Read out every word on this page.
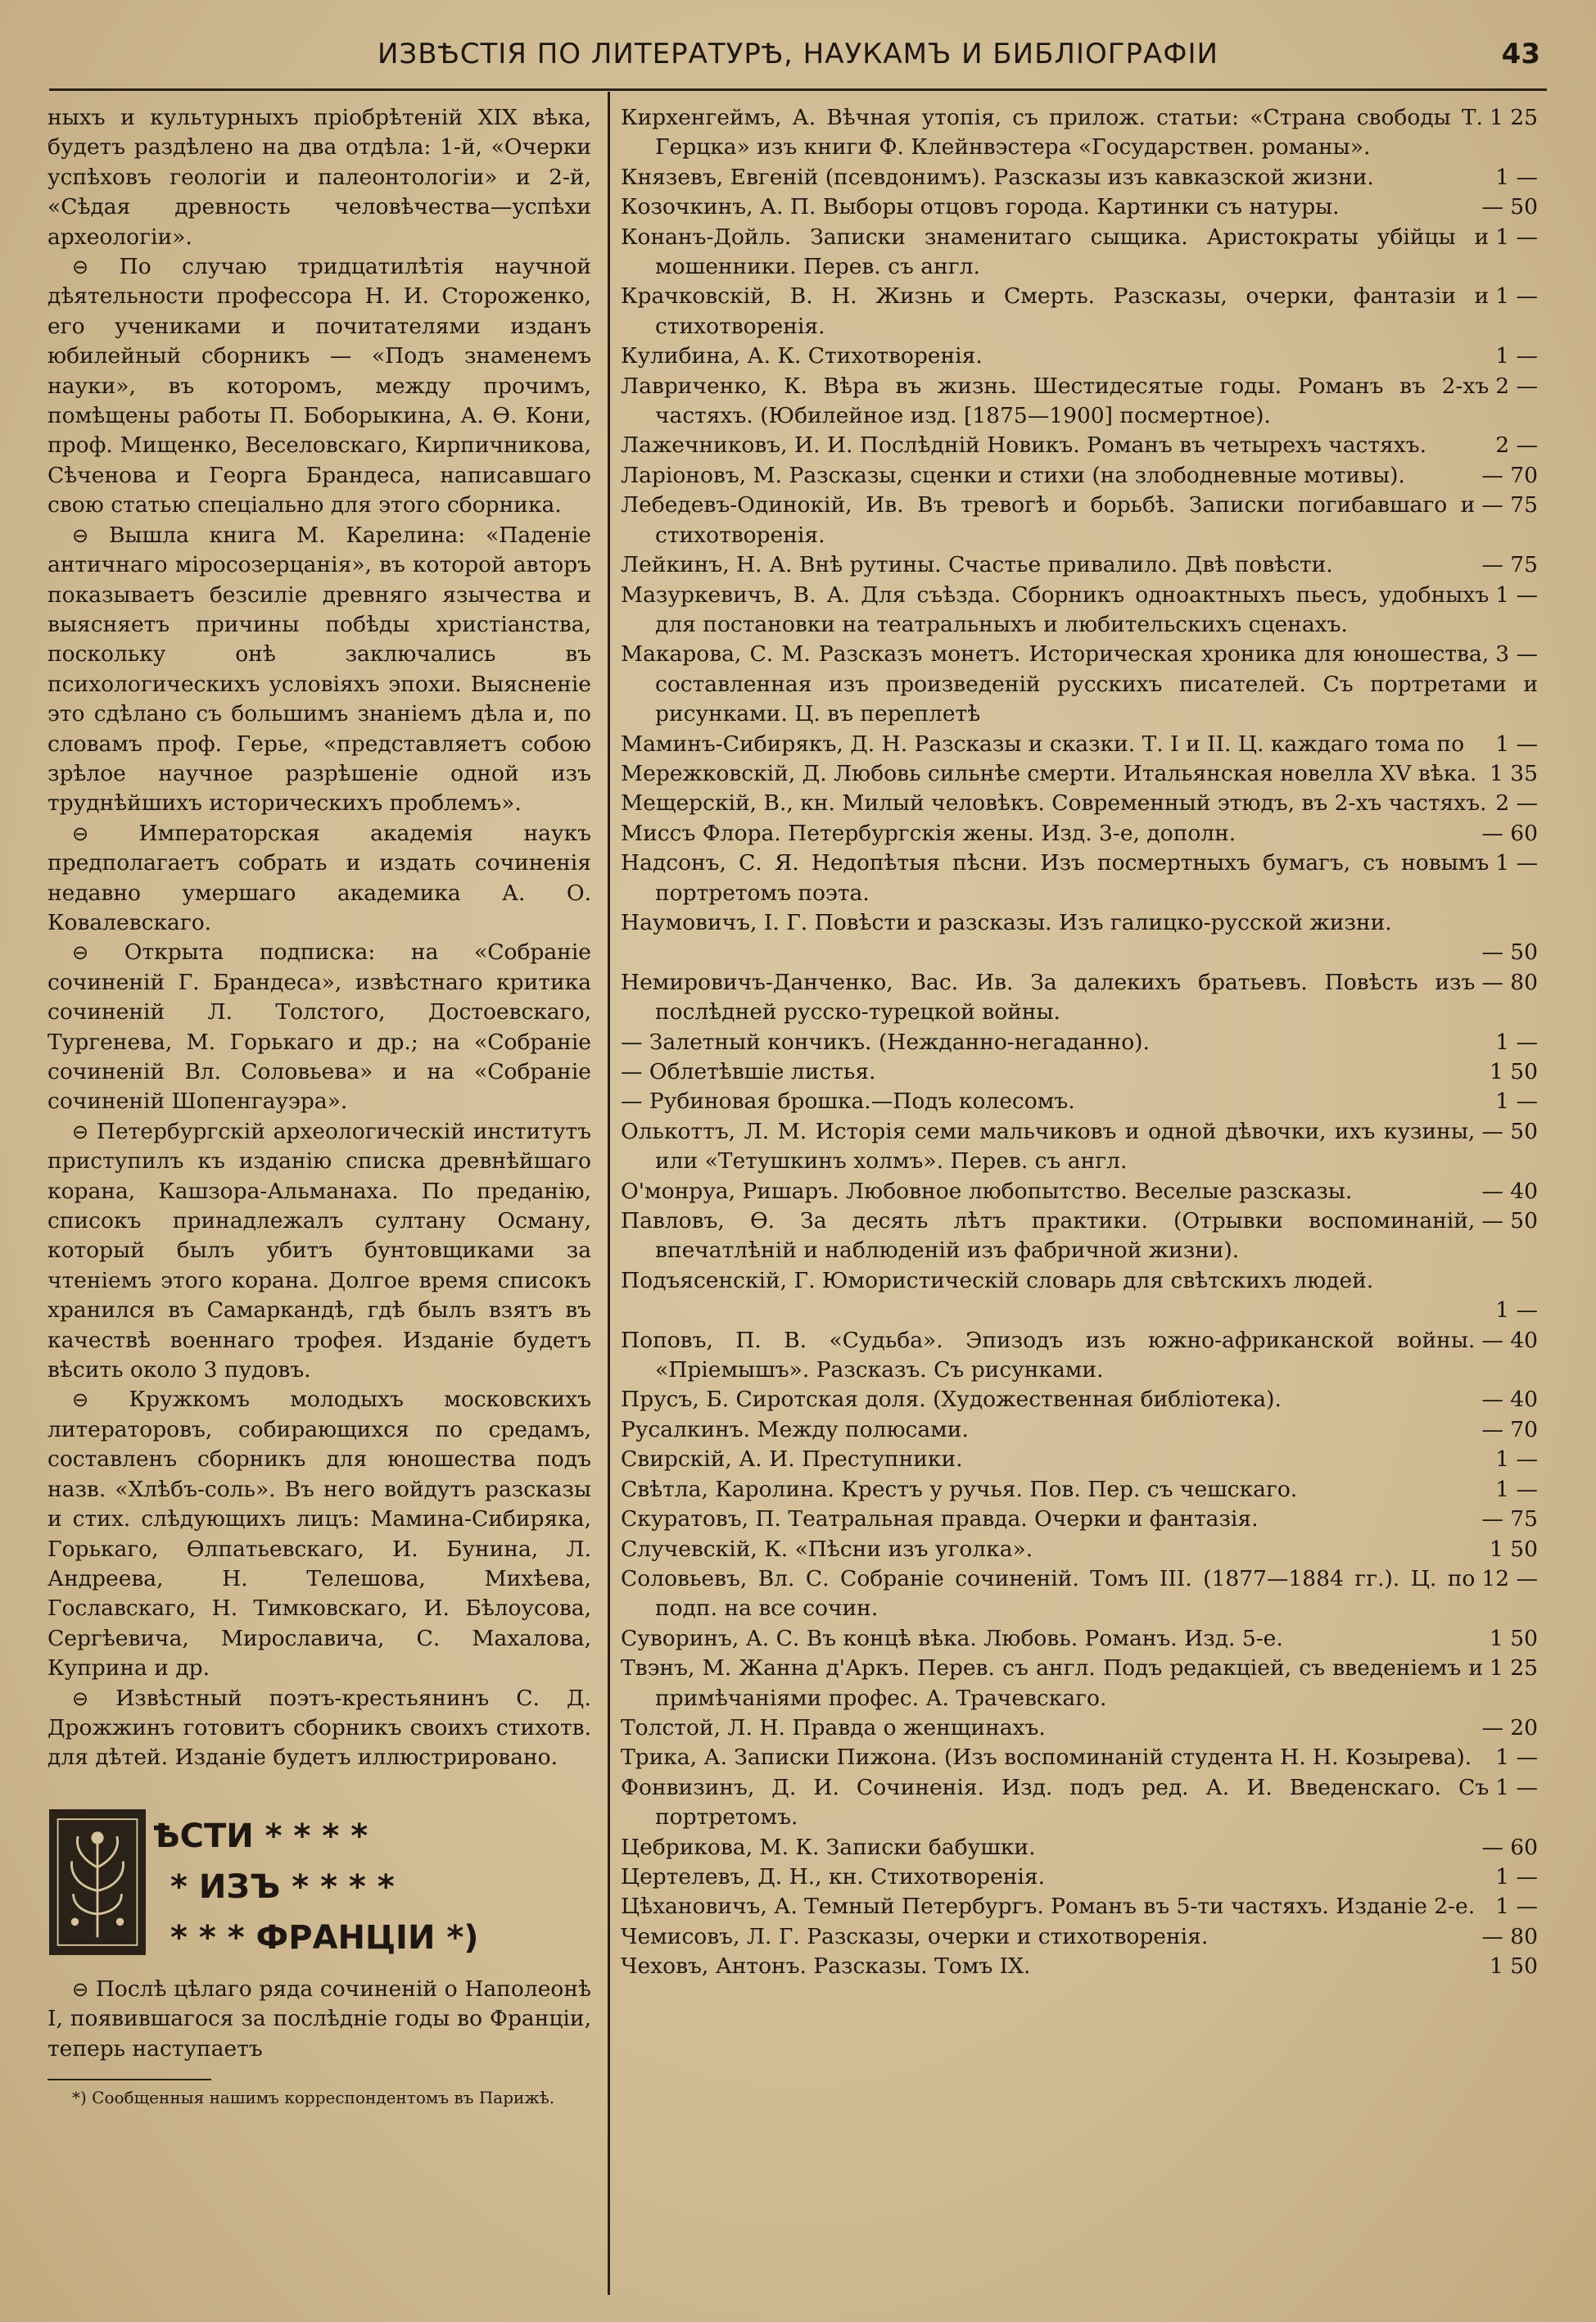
ИЗВѢСТІЯ ПО ЛИТЕРАТУРѢ, НАУКАМЪ И БИБЛІОГРАФІИ	43

ныхъ и культурныхъ пріобрѣтеній XIX вѣка, будетъ раздѣлено на два отдѣла: 1-й, «Очерки успѣховъ геологіи и палеонтологіи» и 2-й, «Сѣдая древность человѣчества—успѣхи археологіи».

⊖ По случаю тридцатилѣтія научной дѣятельности профессора Н. И. Стороженко, его учениками и почитателями изданъ юбилейный сборникъ — «Подъ знаменемъ науки», въ которомъ, между прочимъ, помѣщены работы П. Боборыкина, А. Ѳ. Кони, проф. Мищенко, Веселовскаго, Кирпичникова, Сѣченова и Георга Брандеса, написавшаго свою статью спеціально для этого сборника.

⊖ Вышла книга М. Карелина: «Паденіе античнаго міросозерцанія», въ которой авторъ показываетъ безсиліе древняго язычества и выясняетъ причины побѣды христіанства, поскольку онѣ заключались въ психологическихъ условіяхъ эпохи. Выясненіе это сдѣлано съ большимъ знаніемъ дѣла и, по словамъ проф. Герье, «представляетъ собою зрѣлое научное разрѣшеніе одной изъ труднѣйшихъ историческихъ проблемъ».

⊖ Императорская академія наукъ предполагаетъ собрать и издать сочиненія недавно умершаго академика А. О. Ковалевскаго.

⊖ Открыта подписка: на «Собраніе сочиненій Г. Брандеса», извѣстнаго критика сочиненій Л. Толстого, Достоевскаго, Тургенева, М. Горькаго и др.; на «Собраніе сочиненій Вл. Соловьева» и на «Собраніе сочиненій Шопенгауэра».

⊖ Петербургскій археологическій институтъ приступилъ къ изданію списка древнѣйшаго корана, Кашзора-Альманаха. По преданію, списокъ принадлежалъ султану Осману, который былъ убитъ бунтовщиками за чтеніемъ этого корана. Долгое время списокъ хранился въ Самаркандѣ, гдѣ былъ взятъ въ качествѣ военнаго трофея. Изданіе будетъ вѣсить около 3 пудовъ.

⊖ Кружкомъ молодыхъ московскихъ литераторовъ, собирающихся по средамъ, составленъ сборникъ для юношества подъ назв. «Хлѣбъ-соль». Въ него войдутъ разсказы и стих. слѣдующихъ лицъ: Мамина-Сибиряка, Горькаго, Ѳлпатьевскаго, И. Бунина, Л. Андреева, Н. Телешова, Михѣева, Гославскаго, Н. Тимковскаго, И. Бѣлоусова, Сергѣевича, Мирославича, С. Махалова, Куприна и др.

⊖ Извѣстный поэтъ-крестьянинъ С. Д. Дрожжинъ готовитъ сборникъ своихъ стихотв. для дѣтей. Изданіе будетъ иллюстрировано.

ѢСТИ * * * *
* ИЗЪ * * * *
* * * ФРАНЦІИ *)

⊖ Послѣ цѣлаго ряда сочиненій о Наполеонѣ I, появившагося за послѣдніе годы во Франціи, теперь наступаетъ

*) Сообщенныя нашимъ корреспондентомъ въ Парижѣ.

1 25
Кирхенгеймъ, А. Вѣчная утопія, съ прилож. статьи: «Страна свободы Т. Герцка» изъ книги Ф. Клейнвэстера «Государствен. романы».
1 —
Князевъ, Евгеній (псевдонимъ). Разсказы изъ кавказской жизни.
— 50
Козочкинъ, А. П. Выборы отцовъ города. Картинки съ натуры.
1 —
Конанъ-Дойль. Записки знаменитаго сыщика. Аристократы убійцы и мошенники. Перев. съ англ.
1 —
Крачковскій, В. Н. Жизнь и Смерть. Разсказы, очерки, фантазіи и стихотворенія.
1 —
Кулибина, А. К. Стихотворенія.
2 —
Лавриченко, К. Вѣра въ жизнь. Шестидесятые годы. Романъ въ 2-хъ частяхъ. (Юбилейное изд. [1875—1900] посмертное).
2 —
Лажечниковъ, И. И. Послѣдній Новикъ. Романъ въ четырехъ частяхъ.
— 70
Ларіоновъ, М. Разсказы, сценки и стихи (на злободневные мотивы).
— 75
Лебедевъ-Одинокій, Ив. Въ тревогѣ и борьбѣ. Записки погибавшаго и стихотворенія.
— 75
Лейкинъ, Н. А. Внѣ рутины. Счастье привалило. Двѣ повѣсти.
1 —
Мазуркевичъ, В. А. Для съѣзда. Сборникъ одноактныхъ пьесъ, удобныхъ для постановки на театральныхъ и любительскихъ сценахъ.
3 —
Макарова, С. М. Разсказъ монетъ. Историческая хроника для юношества, составленная изъ произведеній русскихъ писателей. Съ портретами и рисунками. Ц. въ переплетѣ
1 —
Маминъ-Сибирякъ, Д. Н. Разсказы и сказки. Т. I и II. Ц. каждаго тома по
1 35
Мережковскій, Д. Любовь сильнѣе смерти. Итальянская новелла XV вѣка.
2 —
Мещерскій, В., кн. Милый человѣкъ. Современный этюдъ, въ 2-хъ частяхъ.
— 60
Миссъ Флора. Петербургскія жены. Изд. 3-е, дополн.
1 —
Надсонъ, С. Я. Недопѣтыя пѣсни. Изъ посмертныхъ бумагъ, съ новымъ портретомъ поэта.
Наумовичъ, І. Г. Повѣсти и разсказы. Изъ галицко-русской жизни.
— 50
— 80
Немировичъ-Данченко, Вас. Ив. За далекихъ братьевъ. Повѣсть изъ послѣдней русско-турецкой войны.
1 —
— Залетный кончикъ. (Нежданно-негаданно).
1 50
— Облетѣвшіе листья.
1 —
— Рубиновая брошка.—Подъ колесомъ.
— 50
Олькоттъ, Л. М. Исторія семи мальчиковъ и одной дѣвочки, ихъ кузины, или «Тетушкинъ холмъ». Перев. съ англ.
— 40
О'монруа, Ришаръ. Любовное любопытство. Веселые разсказы.
— 50
Павловъ, Ѳ. За десять лѣтъ практики. (Отрывки воспоминаній, впечатлѣній и наблюденій изъ фабричной жизни).
Подъясенскій, Г. Юмористическій словарь для свѣтскихъ людей.
1 —
— 40
Поповъ, П. В. «Судьба». Эпизодъ изъ южно-африканской войны. «Пріемышъ». Разсказъ. Съ рисунками.
— 40
Прусъ, Б. Сиротская доля. (Художественная библіотека).
— 70
Русалкинъ. Между полюсами.
1 —
Свирскій, А. И. Преступники.
1 —
Свѣтла, Каролина. Крестъ у ручья. Пов. Пер. съ чешскаго.
— 75
Скуратовъ, П. Театральная правда. Очерки и фантазія.
1 50
Случевскій, К. «Пѣсни изъ уголка».
12 —
Соловьевъ, Вл. С. Собраніе сочиненій. Томъ III. (1877—1884 гг.). Ц. по подп. на все сочин.
1 50
Суворинъ, А. С. Въ концѣ вѣка. Любовь. Романъ. Изд. 5-е.
1 25
Твэнъ, М. Жанна д'Аркъ. Перев. съ англ. Подъ редакціей, съ введеніемъ и примѣчаніями профес. А. Трачевскаго.
— 20
Толстой, Л. Н. Правда о женщинахъ.
1 —
Трика, А. Записки Пижона. (Изъ воспоминаній студента Н. Н. Козырева).
1 —
Фонвизинъ, Д. И. Сочиненія. Изд. подъ ред. А. И. Введенскаго. Съ портретомъ.
— 60
Цебрикова, М. К. Записки бабушки.
1 —
Цертелевъ, Д. Н., кн. Стихотворенія.
1 —
Цѣхановичъ, А. Темный Петербургъ. Романъ въ 5-ти частяхъ. Изданіе 2-е.
— 80
Чемисовъ, Л. Г. Разсказы, очерки и стихотворенія.
1 50
Чеховъ, Антонъ. Разсказы. Томъ IX.
